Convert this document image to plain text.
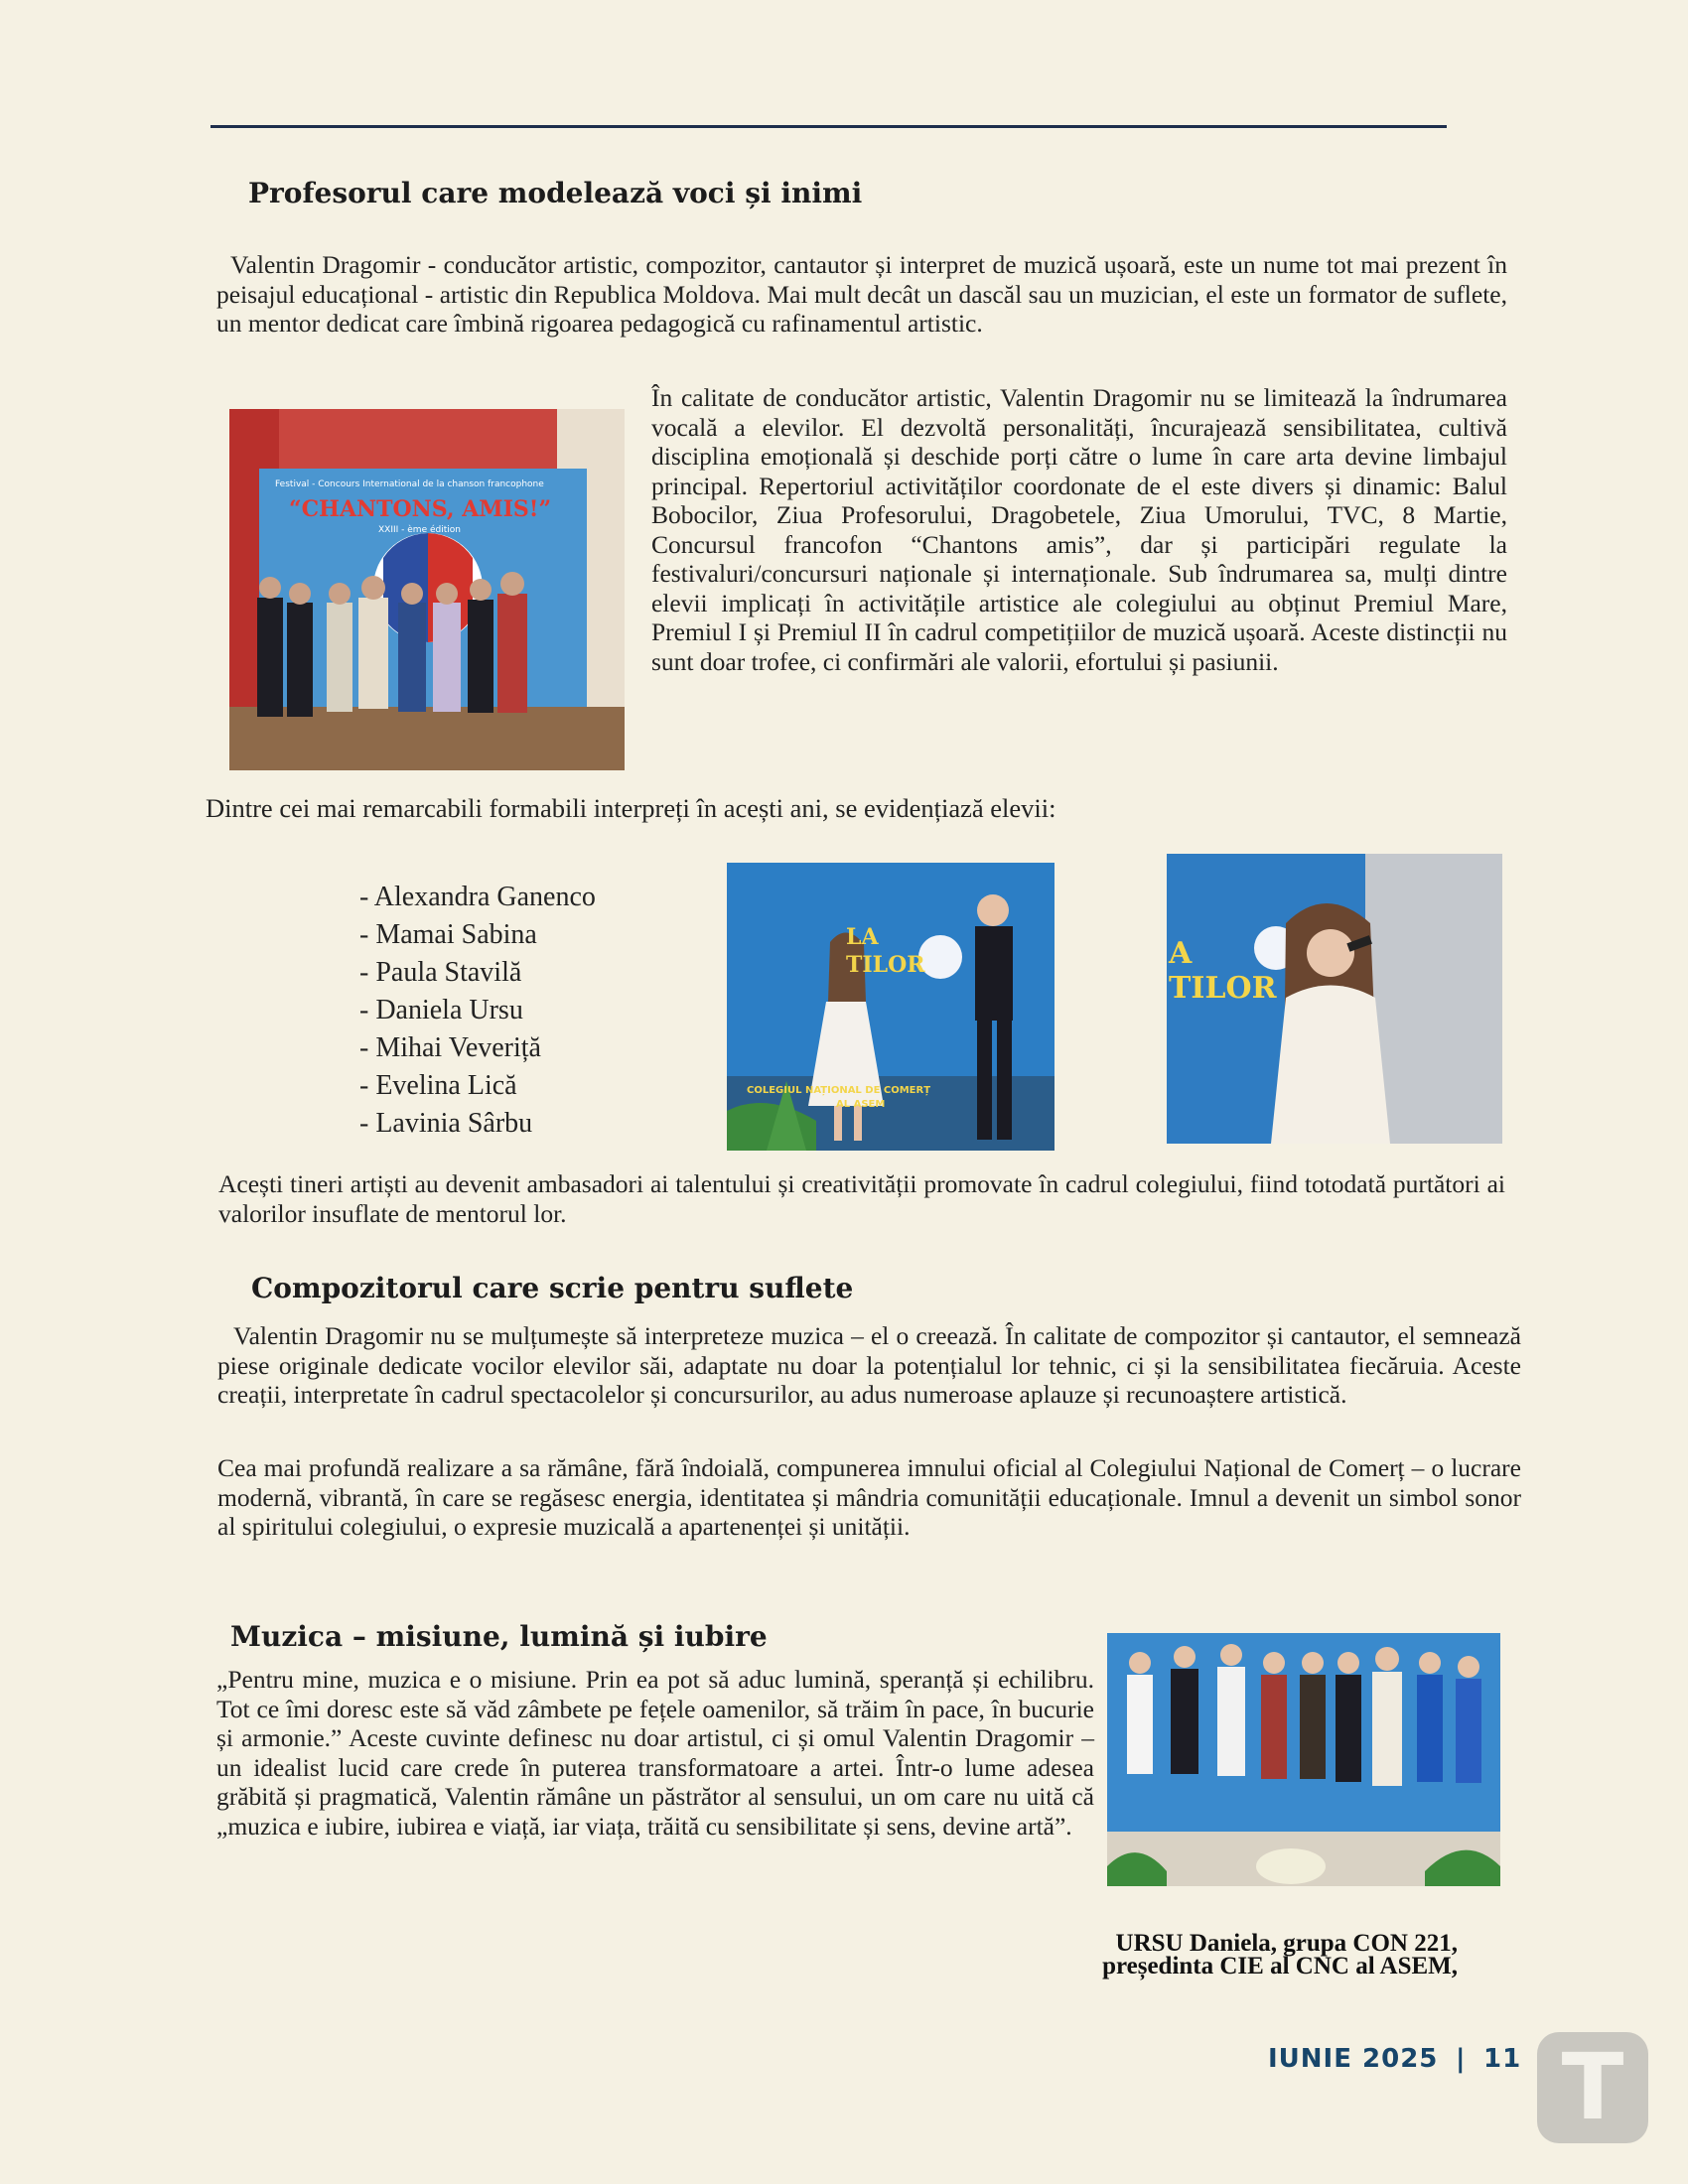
Profesorul care modelează voci și inimi

Valentin Dragomir - conducător artistic, compozitor, cantautor și interpret de muzică ușoară, este un nume tot mai prezent în peisajul educațional - artistic din Republica Moldova. Mai mult decât un dascăl sau un muzician, el este un formator de suflete, un mentor dedicat care îmbină rigoarea pedagogică cu rafinamentul artistic.

Festival - Concours International de la chanson francophone
“CHANTONS, AMIS!”
XXIII - ème édition

În calitate de conducător artistic, Valentin Dragomir nu se limitează la îndrumarea vocală a elevilor. El dezvoltă personalități, încurajează sensibilitatea, cultivă disciplina emoțională și deschide porți către o lume în care arta devine limbajul principal. Repertoriul activităților coordonate de el este divers și dinamic: Balul Bobocilor, Ziua Profesorului, Dragobetele, Ziua Umorului, TVC, 8 Martie, Concursul francofon “Chantons amis”, dar și participări regulate la festivaluri/concursuri naționale și internaționale. Sub îndrumarea sa, mulți dintre elevii implicați în activitățile artistice ale colegiului au obținut Premiul Mare, Premiul I și Premiul II în cadrul competițiilor de muzică ușoară. Aceste distincții nu sunt doar trofee, ci confirmări ale valorii, efortului și pasiunii.

Dintre cei mai remarcabili formabili interpreți în acești ani, se evidențiază elevii:

- Alexandra Ganenco
- Mamai Sabina
- Paula Stavilă
- Daniela Ursu
- Mihai Veveriță
- Evelina Lică
- Lavinia Sârbu
LA
TILOR
COLEGIUL NAȚIONAL DE COMERȚ
AL ASEM
A
TILOR

Acești tineri artiști au devenit ambasadori ai talentului și creativității promovate în cadrul colegiului, fiind totodată purtători ai valorilor insuflate de mentorul lor.

Compozitorul care scrie pentru suflete

Valentin Dragomir nu se mulțumește să interpreteze muzica – el o creează. În calitate de compozitor și cantautor, el semnează piese originale dedicate vocilor elevilor săi, adaptate nu doar la potențialul lor tehnic, ci și la sensibilitatea fiecăruia. Aceste creații, interpretate în cadrul spectacolelor și concursurilor, au adus numeroase aplauze și recunoaștere artistică.

Cea mai profundă realizare a sa rămâne, fără îndoială, compunerea imnului oficial al Colegiului Național de Comerț – o lucrare modernă, vibrantă, în care se regăsesc energia, identitatea și mândria comunității educaționale. Imnul a devenit un simbol sonor al spiritului colegiului, o expresie muzicală a apartenenței și unității.

Muzica – misiune, lumină și iubire

„Pentru mine, muzica e o misiune. Prin ea pot să aduc lumină, speranță și echilibru. Tot ce îmi doresc este să văd zâmbete pe fețele oamenilor, să trăim în pace, în bucurie și armonie.” Aceste cuvinte definesc nu doar artistul, ci și omul Valentin Dragomir – un idealist lucid care crede în puterea transformatoare a artei. Într-o lume adesea grăbită și pragmatică, Valentin rămâne un păstrător al sensului, un om care nu uită că „muzica e iubire, iubirea e viață, iar viața, trăită cu sensibilitate și sens, devine artă”.

URSU Daniela, grupa CON 221,
președinta CIE al CNC al ASEM,
IUNIE 2025 | 11 T
